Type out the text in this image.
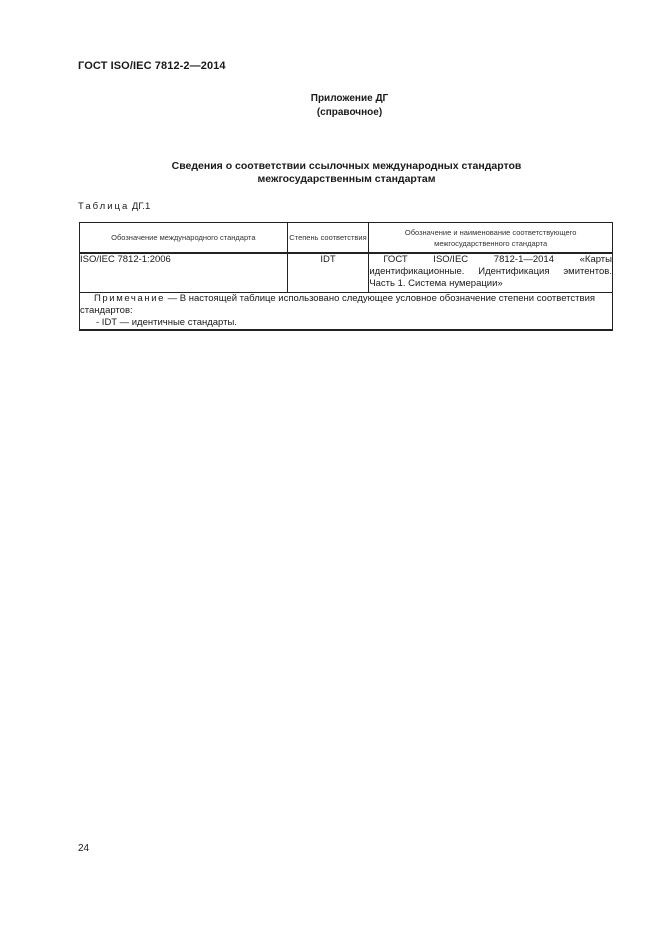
ГОСТ ISO/IEC 7812-2—2014
Приложение ДГ
(справочное)
Сведения о соответствии ссылочных международных стандартов
межгосударственным стандартам
Таблица ДГ.1
Обозначение международного стандарта	Степень соответствия	Обозначение и наименование соответствующего межгосударственного стандарта
ISO/IEC 7812-1:2006	IDT	ГОСТ ISO/IEC 7812-1—2014 «Карты идентификационные. Идентификация эмитентов. Часть 1. Система нумерации»

Примечание — В настоящей таблице использовано следующее условное обозначение степени соответствия стандартов:
- IDT — идентичные стандарты.		
24
